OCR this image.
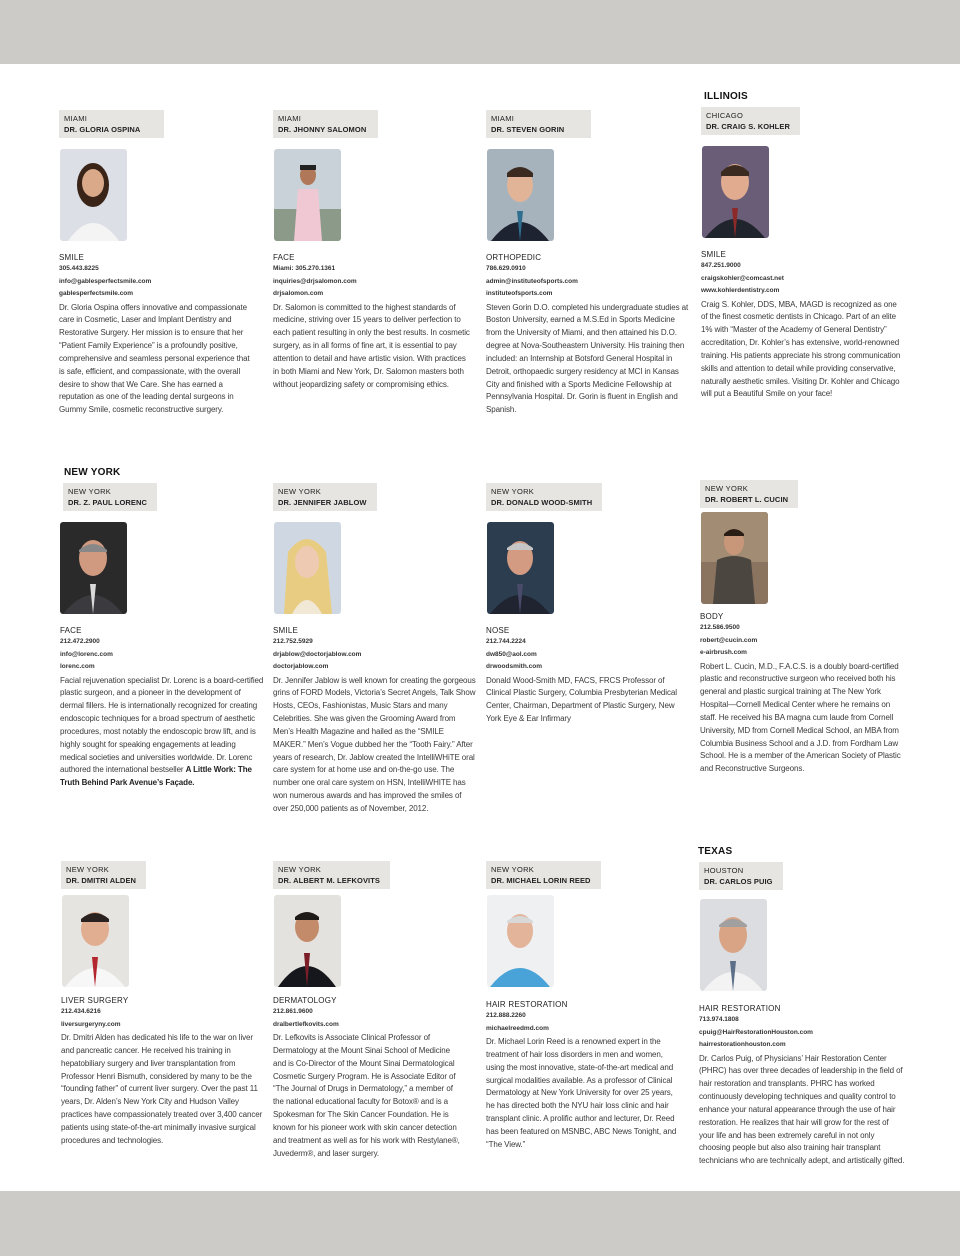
ILLINOIS
NEW YORK
TEXAS
MIAMI
DR. GLORIA OSPINA
SMILE
305.443.8225
info@gablesperfectsmile.com
gablesperfectsmile.com
Dr. Gloria Ospina offers innovative and compassionate care in Cosmetic, Laser and Implant Dentistry and Restorative Surgery. Her mission is to ensure that her “Patient Family Experience” is a profoundly positive, comprehensive and seamless personal experience that is safe, efficient, and compassionate, with the overall desire to show that We Care. She has earned a reputation as one of the leading dental surgeons in Gummy Smile, cosmetic reconstructive surgery.
MIAMI
DR. JHONNY SALOMON
FACE
Miami: 305.270.1361
inquiries@drjsalomon.com
drjsalomon.com
Dr. Salomon is committed to the highest standards of medicine, striving over 15 years to deliver perfection to each patient resulting in only the best results. In cosmetic surgery, as in all forms of fine art, it is essential to pay attention to detail and have artistic vision. With practices in both Miami and New York, Dr. Salomon masters both without jeopardizing safety or compromising ethics.
MIAMI
DR. STEVEN GORIN
ORTHOPEDIC
786.629.0910
admin@instituteofsports.com
instituteofsports.com
Steven Gorin D.O. completed his undergraduate studies at Boston University, earned a M.S.Ed in Sports Medicine from the University of Miami, and then attained his D.O. degree at Nova-Southeastern University. His training then included: an Internship at Botsford General Hospital in Detroit, orthopaedic surgery residency at MCI in Kansas City and finished with a Sports Medicine Fellowship at Pennsylvania Hospital. Dr. Gorin is fluent in English and Spanish.
CHICAGO
DR. CRAIG S. KOHLER
SMILE
847.251.9000
craigskohler@comcast.net
www.kohlerdentistry.com
Craig S. Kohler, DDS, MBA, MAGD is recognized as one of the finest cosmetic dentists in Chicago. Part of an elite 1% with “Master of the Academy of General Dentistry” accreditation, Dr. Kohler’s has extensive, world-renowned training. His patients appreciate his strong communication skills and attention to detail while providing conservative, naturally aesthetic smiles. Visiting Dr. Kohler and Chicago will put a Beautiful Smile on your face!
NEW YORK
DR. Z. PAUL LORENC
FACE
212.472.2900
info@lorenc.com
lorenc.com
Facial rejuvenation specialist Dr. Lorenc is a board-certified plastic surgeon, and a pioneer in the development of dermal fillers. He is internationally recognized for creating endoscopic techniques for a broad spectrum of aesthetic procedures, most notably the endoscopic brow lift, and is highly sought for speaking engagements at leading medical societies and universities worldwide. Dr. Lorenc authored the international bestseller A Little Work: The Truth Behind Park Avenue’s Façade.
NEW YORK
DR. JENNIFER JABLOW
SMILE
212.752.5929
drjablow@doctorjablow.com
doctorjablow.com
Dr. Jennifer Jablow is well known for creating the gorgeous grins of FORD Models, Victoria’s Secret Angels, Talk Show Hosts, CEOs, Fashionistas, Music Stars and many Celebrities. She was given the Grooming Award from Men’s Health Magazine and hailed as the “SMILE MAKER.” Men’s Vogue dubbed her the “Tooth Fairy.” After years of research, Dr. Jablow created the IntelliWHiTE oral care system for at home use and on-the-go use. The number one oral care system on HSN, IntelliWHITE has won numerous awards and has improved the smiles of over 250,000 patients as of November, 2012.
NEW YORK
DR. DONALD WOOD-SMITH
NOSE
212.744.2224
dw850@aol.com
drwoodsmith.com
Donald Wood-Smith MD, FACS, FRCS Professor of Clinical Plastic Surgery, Columbia Presbyterian Medical Center, Chairman, Department of Plastic Surgery, New York Eye & Ear Infirmary
NEW YORK
DR. ROBERT L. CUCIN
BODY
212.586.9500
robert@cucin.com
e-airbrush.com
Robert L. Cucin, M.D., F.A.C.S. is a doubly board-certified plastic and reconstructive surgeon who received both his general and plastic surgical training at The New York Hospital—Cornell Medical Center where he remains on staff. He received his BA magna cum laude from Cornell University, MD from Cornell Medical School, an MBA from Columbia Business School and a J.D. from Fordham Law School. He is a member of the American Society of Plastic and Reconstructive Surgeons.
NEW YORK
DR. DMITRI ALDEN
LIVER SURGERY
212.434.6216
liversurgeryny.com
Dr. Dmitri Alden has dedicated his life to the war on liver and pancreatic cancer. He received his training in hepatobiliary surgery and liver transplantation from Professor Henri Bismuth, considered by many to be the “founding father” of current liver surgery. Over the past 11 years, Dr. Alden’s New York City and Hudson Valley practices have compassionately treated over 3,400 cancer patients using state-of-the-art minimally invasive surgical procedures and technologies.
NEW YORK
DR. ALBERT M. LEFKOVITS
DERMATOLOGY
212.861.9600
dralbertlefkovits.com
Dr. Lefkovits is Associate Clinical Professor of Dermatology at the Mount Sinai School of Medicine and is Co-Director of the Mount Sinai Dermatological Cosmetic Surgery Program. He is Associate Editor of “The Journal of Drugs in Dermatology,” a member of the national educational faculty for Botox® and is a Spokesman for The Skin Cancer Foundation. He is known for his pioneer work with skin cancer detection and treatment as well as for his work with Restylane®, Juvederm®, and laser surgery.
NEW YORK
DR. MICHAEL LORIN REED
HAIR RESTORATION
212.888.2260
michaelreedmd.com
Dr. Michael Lorin Reed is a renowned expert in the treatment of hair loss disorders in men and women, using the most innovative, state-of-the-art medical and surgical modalities available. As a professor of Clinical Dermatology at New York University for over 25 years, he has directed both the NYU hair loss clinic and hair transplant clinic. A prolific author and lecturer, Dr. Reed has been featured on MSNBC, ABC News Tonight, and “The View.”
HOUSTON
DR. CARLOS PUIG
HAIR RESTORATION
713.974.1808
cpuig@HairRestorationHouston.com
hairrestorationhouston.com
Dr. Carlos Puig, of Physicians’ Hair Restoration Center (PHRC) has over three decades of leadership in the field of hair restoration and transplants. PHRC has worked continuously developing techniques and quality control to enhance your natural appearance through the use of hair restoration. He realizes that hair will grow for the rest of your life and has been extremely careful in not only choosing people but also also training hair transplant technicians who are technically adept, and artistically gifted.
